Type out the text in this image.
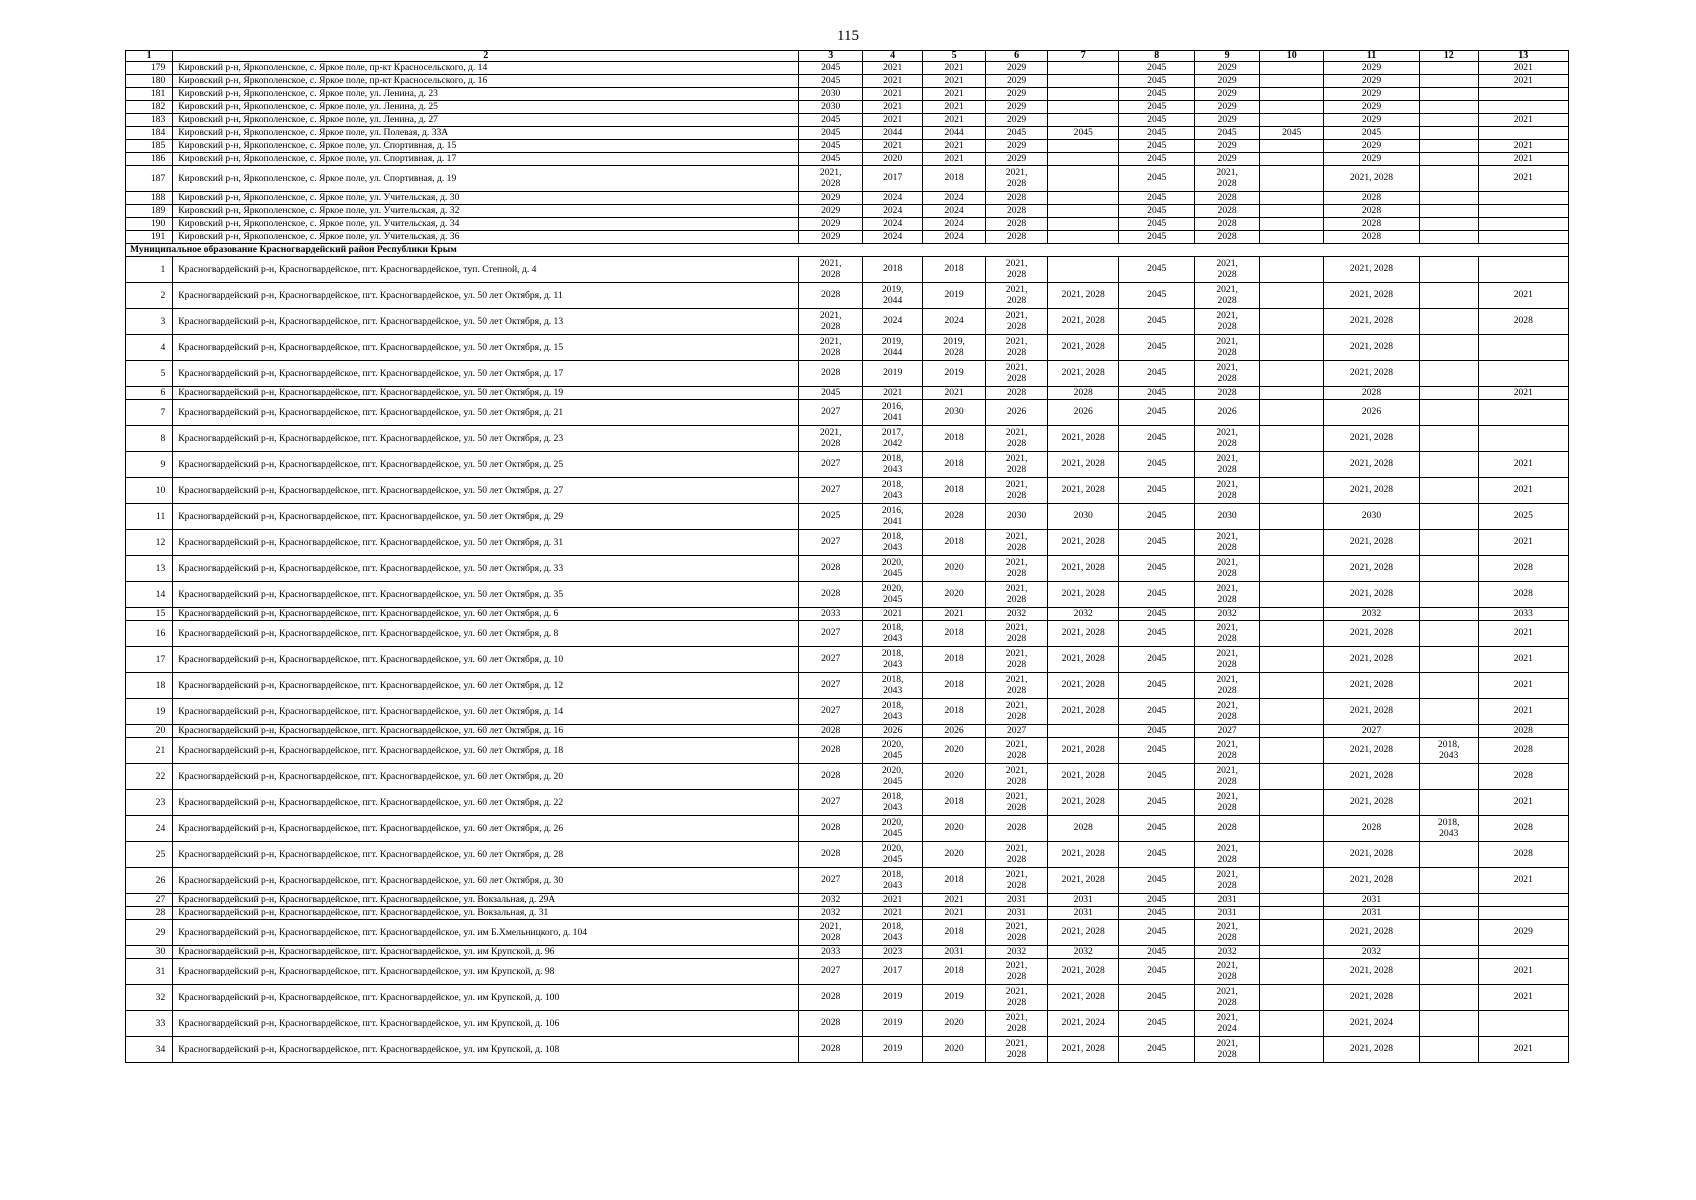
115
1	2	3	4	5	6	7	8	9	10	11	12	13
179	Кировский р-н, Яркополенское, с. Яркое поле, пр-кт Красносельского, д. 14	2045	2021	2021	2029		2045	2029		2029		2021

180	Кировский р-н, Яркополенское, с. Яркое поле, пр-кт Красносельского, д. 16	2045	2021	2021	2029		2045	2029		2029		2021

181	Кировский р-н, Яркополенское, с. Яркое поле, ул. Ленина, д. 23	2030	2021	2021	2029		2045	2029		2029		

182	Кировский р-н, Яркополенское, с. Яркое поле, ул. Ленина, д. 25	2030	2021	2021	2029		2045	2029		2029		

183	Кировский р-н, Яркополенское, с. Яркое поле, ул. Ленина, д. 27	2045	2021	2021	2029		2045	2029		2029		2021

184	Кировский р-н, Яркополенское, с. Яркое поле, ул. Полевая, д. 33А	2045	2044	2044	2045	2045	2045	2045	2045	2045		

185	Кировский р-н, Яркополенское, с. Яркое поле, ул. Спортивная, д. 15	2045	2021	2021	2029		2045	2029		2029		2021

186	Кировский р-н, Яркополенское, с. Яркое поле, ул. Спортивная, д. 17	2045	2020	2021	2029		2045	2029		2029		2021

187	Кировский р-н, Яркополенское, с. Яркое поле, ул. Спортивная, д. 19	2021,
2028	2017	2018	2021,
2028		2045	2021,
2028		2021, 2028		2021

188	Кировский р-н, Яркополенское, с. Яркое поле, ул. Учительская, д. 30	2029	2024	2024	2028		2045	2028		2028		

189	Кировский р-н, Яркополенское, с. Яркое поле, ул. Учительская, д. 32	2029	2024	2024	2028		2045	2028		2028		

190	Кировский р-н, Яркополенское, с. Яркое поле, ул. Учительская, д. 34	2029	2024	2024	2028		2045	2028		2028		

191	Кировский р-н, Яркополенское, с. Яркое поле, ул. Учительская, д. 36	2029	2024	2024	2028		2045	2028		2028		

Муниципальное образование Красногвардейский район Республики Крым												
1	Красногвардейский р-н, Красногвардейское, пгт. Красногвардейское, туп. Степной, д. 4	2021,
2028	2018	2018	2021,
2028		2045	2021,
2028		2021, 2028		

2	Красногвардейский р-н, Красногвардейское, пгт. Красногвардейское, ул. 50 лет Октября, д. 11	2028	2019,
2044	2019	2021,
2028	2021, 2028	2045	2021,
2028		2021, 2028		2021

3	Красногвардейский р-н, Красногвардейское, пгт. Красногвардейское, ул. 50 лет Октября, д. 13	2021,
2028	2024	2024	2021,
2028	2021, 2028	2045	2021,
2028		2021, 2028		2028

4	Красногвардейский р-н, Красногвардейское, пгт. Красногвардейское, ул. 50 лет Октября, д. 15	2021,
2028	2019,
2044	2019,
2028	2021,
2028	2021, 2028	2045	2021,
2028		2021, 2028		

5	Красногвардейский р-н, Красногвардейское, пгт. Красногвардейское, ул. 50 лет Октября, д. 17	2028	2019	2019	2021,
2028	2021, 2028	2045	2021,
2028		2021, 2028		

6	Красногвардейский р-н, Красногвардейское, пгт. Красногвардейское, ул. 50 лет Октября, д. 19	2045	2021	2021	2028	2028	2045	2028		2028		2021

7	Красногвардейский р-н, Красногвардейское, пгт. Красногвардейское, ул. 50 лет Октября, д. 21	2027	2016,
2041	2030	2026	2026	2045	2026		2026		

8	Красногвардейский р-н, Красногвардейское, пгт. Красногвардейское, ул. 50 лет Октября, д. 23	2021,
2028	2017,
2042	2018	2021,
2028	2021, 2028	2045	2021,
2028		2021, 2028		

9	Красногвардейский р-н, Красногвардейское, пгт. Красногвардейское, ул. 50 лет Октября, д. 25	2027	2018,
2043	2018	2021,
2028	2021, 2028	2045	2021,
2028		2021, 2028		2021

10	Красногвардейский р-н, Красногвардейское, пгт. Красногвардейское, ул. 50 лет Октября, д. 27	2027	2018,
2043	2018	2021,
2028	2021, 2028	2045	2021,
2028		2021, 2028		2021

11	Красногвардейский р-н, Красногвардейское, пгт. Красногвардейское, ул. 50 лет Октября, д. 29	2025	2016,
2041	2028	2030	2030	2045	2030		2030		2025

12	Красногвардейский р-н, Красногвардейское, пгт. Красногвардейское, ул. 50 лет Октября, д. 31	2027	2018,
2043	2018	2021,
2028	2021, 2028	2045	2021,
2028		2021, 2028		2021

13	Красногвардейский р-н, Красногвардейское, пгт. Красногвардейское, ул. 50 лет Октября, д. 33	2028	2020,
2045	2020	2021,
2028	2021, 2028	2045	2021,
2028		2021, 2028		2028

14	Красногвардейский р-н, Красногвардейское, пгт. Красногвардейское, ул. 50 лет Октября, д. 35	2028	2020,
2045	2020	2021,
2028	2021, 2028	2045	2021,
2028		2021, 2028		2028

15	Красногвардейский р-н, Красногвардейское, пгт. Красногвардейское, ул. 60 лет Октября, д. 6	2033	2021	2021	2032	2032	2045	2032		2032		2033

16	Красногвардейский р-н, Красногвардейское, пгт. Красногвардейское, ул. 60 лет Октября, д. 8	2027	2018,
2043	2018	2021,
2028	2021, 2028	2045	2021,
2028		2021, 2028		2021

17	Красногвардейский р-н, Красногвардейское, пгт. Красногвардейское, ул. 60 лет Октября, д. 10	2027	2018,
2043	2018	2021,
2028	2021, 2028	2045	2021,
2028		2021, 2028		2021

18	Красногвардейский р-н, Красногвардейское, пгт. Красногвардейское, ул. 60 лет Октября, д. 12	2027	2018,
2043	2018	2021,
2028	2021, 2028	2045	2021,
2028		2021, 2028		2021

19	Красногвардейский р-н, Красногвардейское, пгт. Красногвардейское, ул. 60 лет Октября, д. 14	2027	2018,
2043	2018	2021,
2028	2021, 2028	2045	2021,
2028		2021, 2028		2021

20	Красногвардейский р-н, Красногвардейское, пгт. Красногвардейское, ул. 60 лет Октября, д. 16	2028	2026	2026	2027		2045	2027		2027		2028

21	Красногвардейский р-н, Красногвардейское, пгт. Красногвардейское, ул. 60 лет Октября, д. 18	2028	2020,
2045	2020	2021,
2028	2021, 2028	2045	2021,
2028		2021, 2028	2018,
2043	2028

22	Красногвардейский р-н, Красногвардейское, пгт. Красногвардейское, ул. 60 лет Октября, д. 20	2028	2020,
2045	2020	2021,
2028	2021, 2028	2045	2021,
2028		2021, 2028		2028

23	Красногвардейский р-н, Красногвардейское, пгт. Красногвардейское, ул. 60 лет Октября, д. 22	2027	2018,
2043	2018	2021,
2028	2021, 2028	2045	2021,
2028		2021, 2028		2021

24	Красногвардейский р-н, Красногвардейское, пгт. Красногвардейское, ул. 60 лет Октября, д. 26	2028	2020,
2045	2020	2028	2028	2045	2028		2028	2018,
2043	2028

25	Красногвардейский р-н, Красногвардейское, пгт. Красногвардейское, ул. 60 лет Октября, д. 28	2028	2020,
2045	2020	2021,
2028	2021, 2028	2045	2021,
2028		2021, 2028		2028

26	Красногвардейский р-н, Красногвардейское, пгт. Красногвардейское, ул. 60 лет Октября, д. 30	2027	2018,
2043	2018	2021,
2028	2021, 2028	2045	2021,
2028		2021, 2028		2021

27	Красногвардейский р-н, Красногвардейское, пгт. Красногвардейское, ул. Вокзальная, д. 29А	2032	2021	2021	2031	2031	2045	2031		2031		

28	Красногвардейский р-н, Красногвардейское, пгт. Красногвардейское, ул. Вокзальная, д. 31	2032	2021	2021	2031	2031	2045	2031		2031		

29	Красногвардейский р-н, Красногвардейское, пгт. Красногвардейское, ул. им Б.Хмельницкого, д. 104	2021,
2028	2018,
2043	2018	2021,
2028	2021, 2028	2045	2021,
2028		2021, 2028		2029

30	Красногвардейский р-н, Красногвардейское, пгт. Красногвардейское, ул. им Крупской, д. 96	2033	2023	2031	2032	2032	2045	2032		2032		

31	Красногвардейский р-н, Красногвардейское, пгт. Красногвардейское, ул. им Крупской, д. 98	2027	2017	2018	2021,
2028	2021, 2028	2045	2021,
2028		2021, 2028		2021

32	Красногвардейский р-н, Красногвардейское, пгт. Красногвардейское, ул. им Крупской, д. 100	2028	2019	2019	2021,
2028	2021, 2028	2045	2021,
2028		2021, 2028		2021

33	Красногвардейский р-н, Красногвардейское, пгт. Красногвардейское, ул. им Крупской, д. 106	2028	2019	2020	2021,
2028	2021, 2024	2045	2021,
2024		2021, 2024		

34	Красногвардейский р-н, Красногвардейское, пгт. Красногвардейское, ул. им Крупской, д. 108	2028	2019	2020	2021,
2028	2021, 2028	2045	2021,
2028		2021, 2028		2021
